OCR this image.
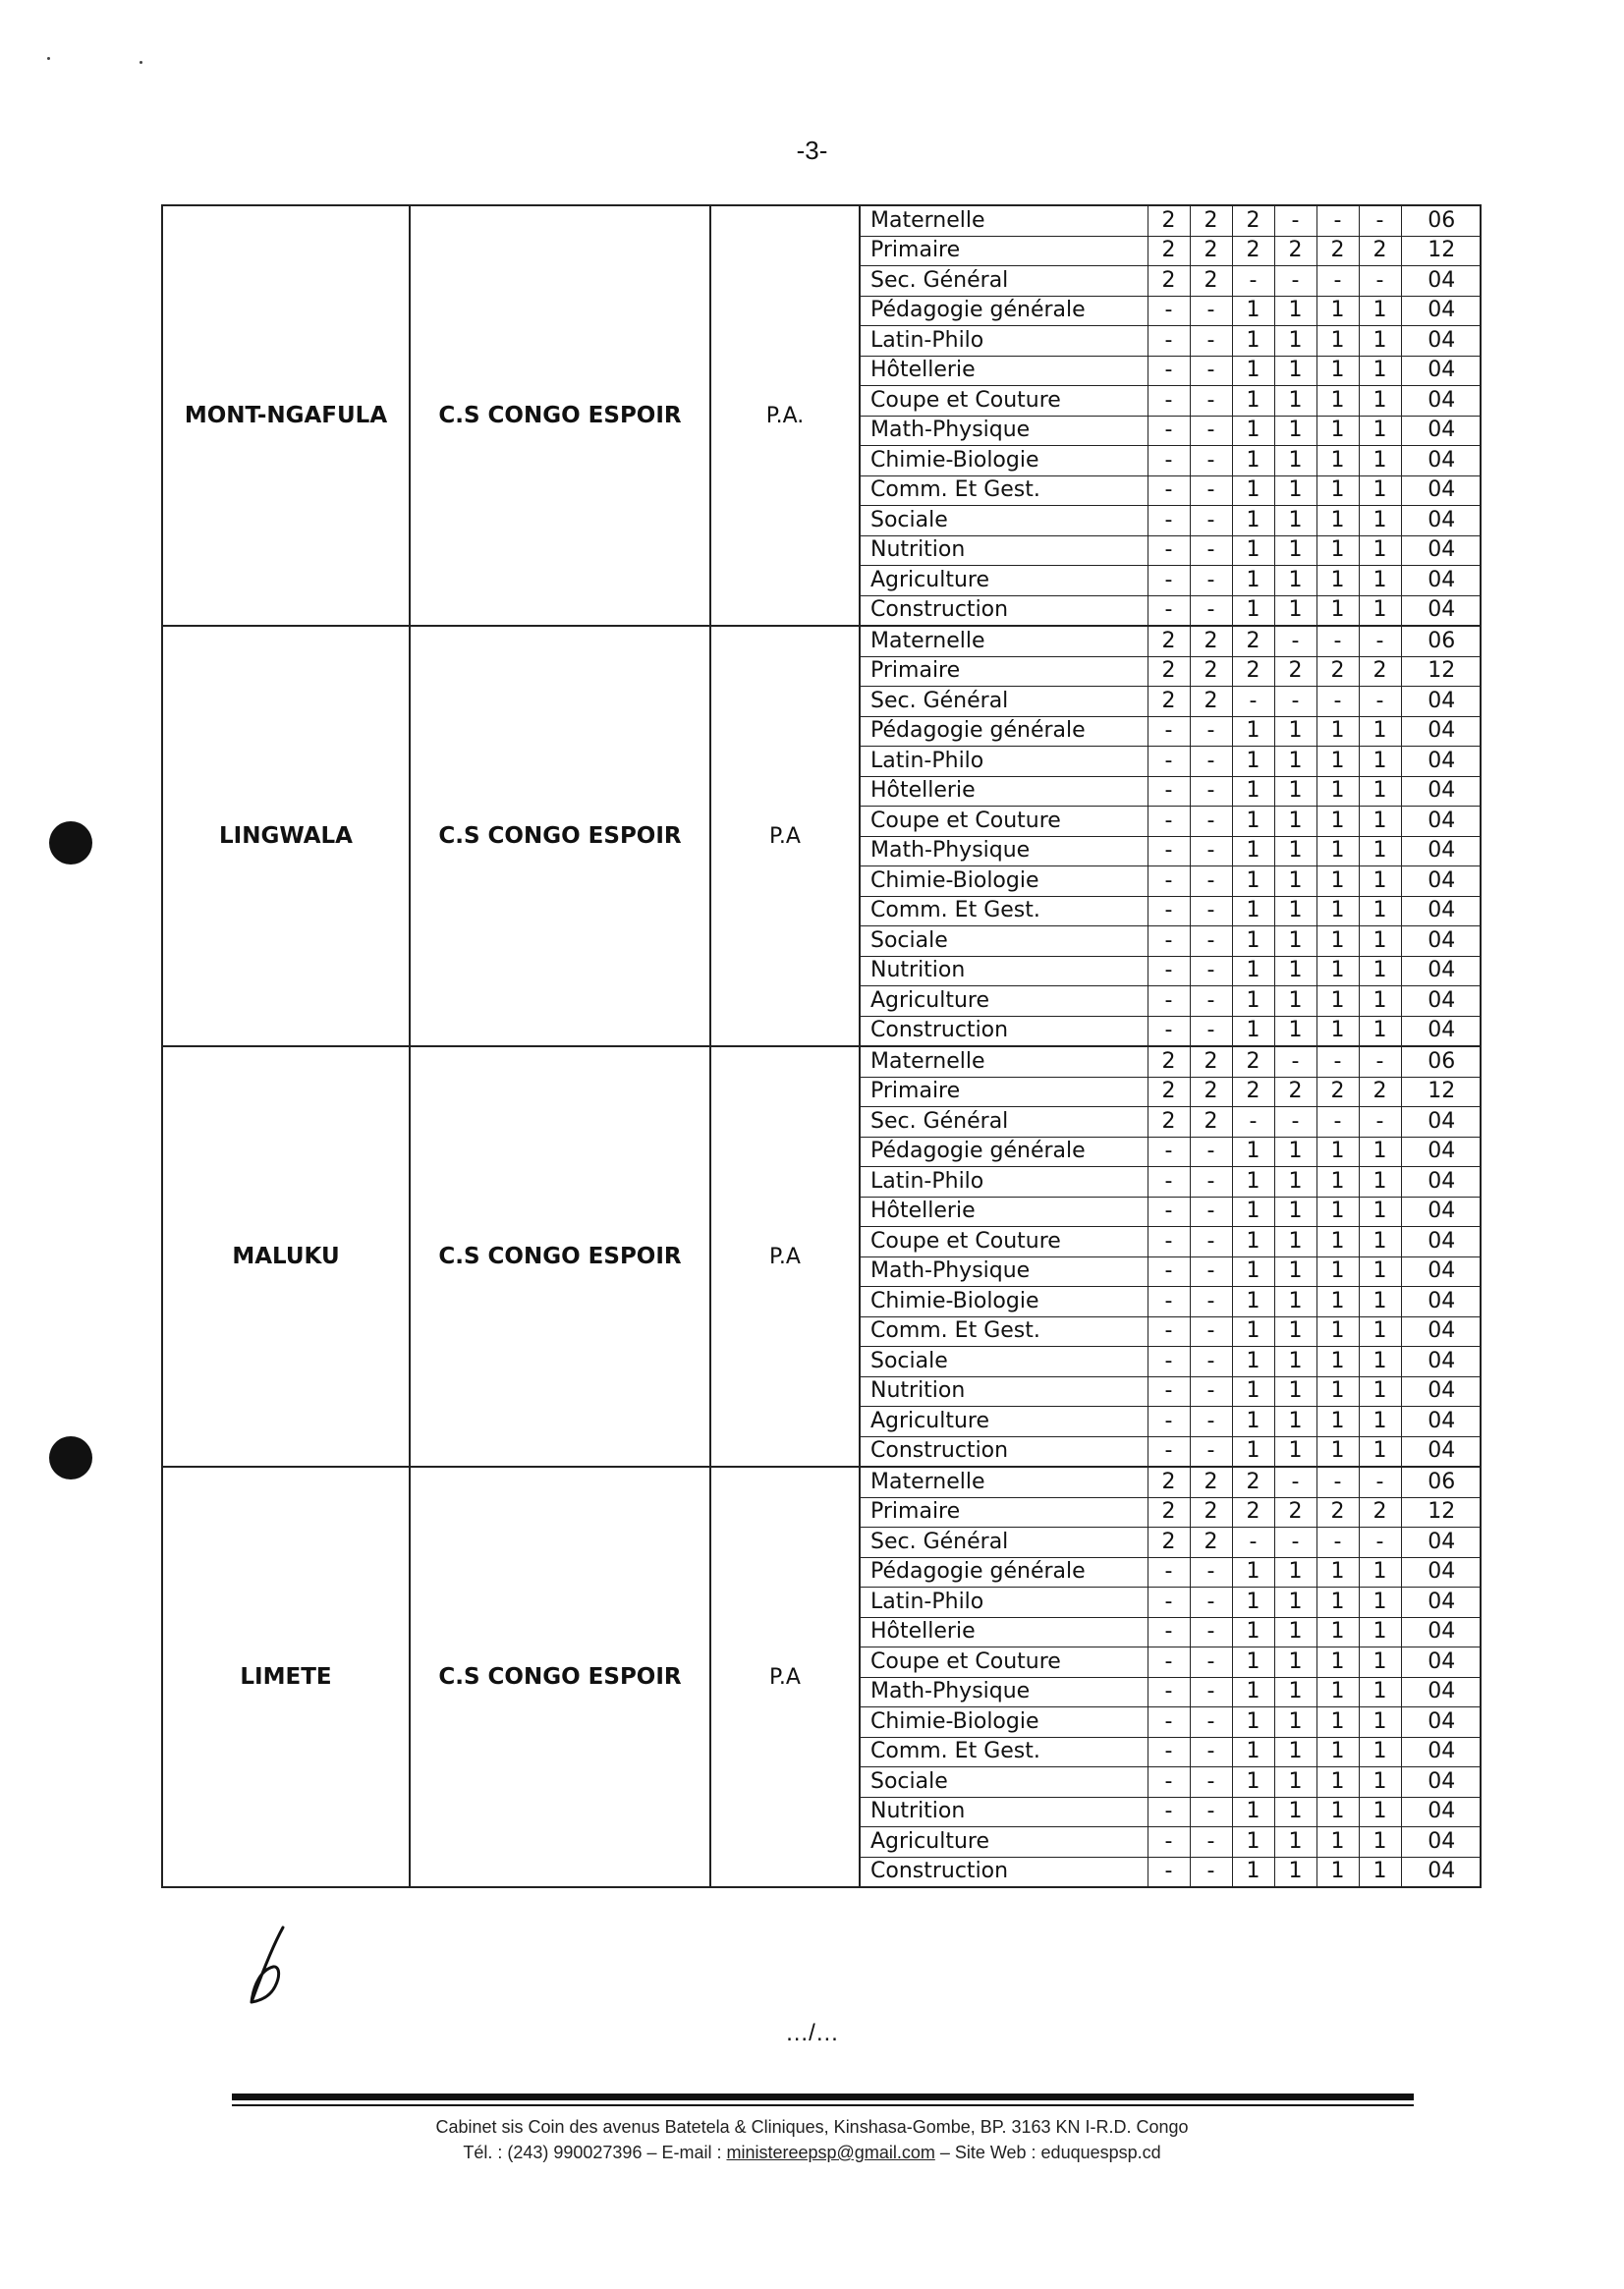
-3-
MONT-NGAFULA	C.S CONGO ESPOIR	P.A.	
Maternelle	2	2	2	-	-	-	06
Primaire	2	2	2	2	2	2	12
Sec. Général	2	2	-	-	-	-	04
Pédagogie générale	-	-	1	1	1	1	04
Latin-Philo	-	-	1	1	1	1	04
Hôtellerie	-	-	1	1	1	1	04
Coupe et Couture	-	-	1	1	1	1	04
Math-Physique	-	-	1	1	1	1	04
Chimie-Biologie	-	-	1	1	1	1	04
Comm. Et Gest.	-	-	1	1	1	1	04
Sociale	-	-	1	1	1	1	04
Nutrition	-	-	1	1	1	1	04
Agriculture	-	-	1	1	1	1	04
Construction	-	-	1	1	1	1	04

LINGWALA	C.S CONGO ESPOIR	P.A	
Maternelle	2	2	2	-	-	-	06
Primaire	2	2	2	2	2	2	12
Sec. Général	2	2	-	-	-	-	04
Pédagogie générale	-	-	1	1	1	1	04
Latin-Philo	-	-	1	1	1	1	04
Hôtellerie	-	-	1	1	1	1	04
Coupe et Couture	-	-	1	1	1	1	04
Math-Physique	-	-	1	1	1	1	04
Chimie-Biologie	-	-	1	1	1	1	04
Comm. Et Gest.	-	-	1	1	1	1	04
Sociale	-	-	1	1	1	1	04
Nutrition	-	-	1	1	1	1	04
Agriculture	-	-	1	1	1	1	04
Construction	-	-	1	1	1	1	04

MALUKU	C.S CONGO ESPOIR	P.A	
Maternelle	2	2	2	-	-	-	06
Primaire	2	2	2	2	2	2	12
Sec. Général	2	2	-	-	-	-	04
Pédagogie générale	-	-	1	1	1	1	04
Latin-Philo	-	-	1	1	1	1	04
Hôtellerie	-	-	1	1	1	1	04
Coupe et Couture	-	-	1	1	1	1	04
Math-Physique	-	-	1	1	1	1	04
Chimie-Biologie	-	-	1	1	1	1	04
Comm. Et Gest.	-	-	1	1	1	1	04
Sociale	-	-	1	1	1	1	04
Nutrition	-	-	1	1	1	1	04
Agriculture	-	-	1	1	1	1	04
Construction	-	-	1	1	1	1	04

LIMETE	C.S CONGO ESPOIR	P.A	
Maternelle	2	2	2	-	-	-	06
Primaire	2	2	2	2	2	2	12
Sec. Général	2	2	-	-	-	-	04
Pédagogie générale	-	-	1	1	1	1	04
Latin-Philo	-	-	1	1	1	1	04
Hôtellerie	-	-	1	1	1	1	04
Coupe et Couture	-	-	1	1	1	1	04
Math-Physique	-	-	1	1	1	1	04
Chimie-Biologie	-	-	1	1	1	1	04
Comm. Et Gest.	-	-	1	1	1	1	04
Sociale	-	-	1	1	1	1	04
Nutrition	-	-	1	1	1	1	04
Agriculture	-	-	1	1	1	1	04
Construction	-	-	1	1	1	1	04
…/…
Cabinet sis Coin des avenus Batetela & Cliniques, Kinshasa-Gombe, BP. 3163 KN I-R.D. Congo
Tél. : (243) 990027396 – E-mail : ministereepsp@gmail.com – Site Web : eduquespsp.cd
